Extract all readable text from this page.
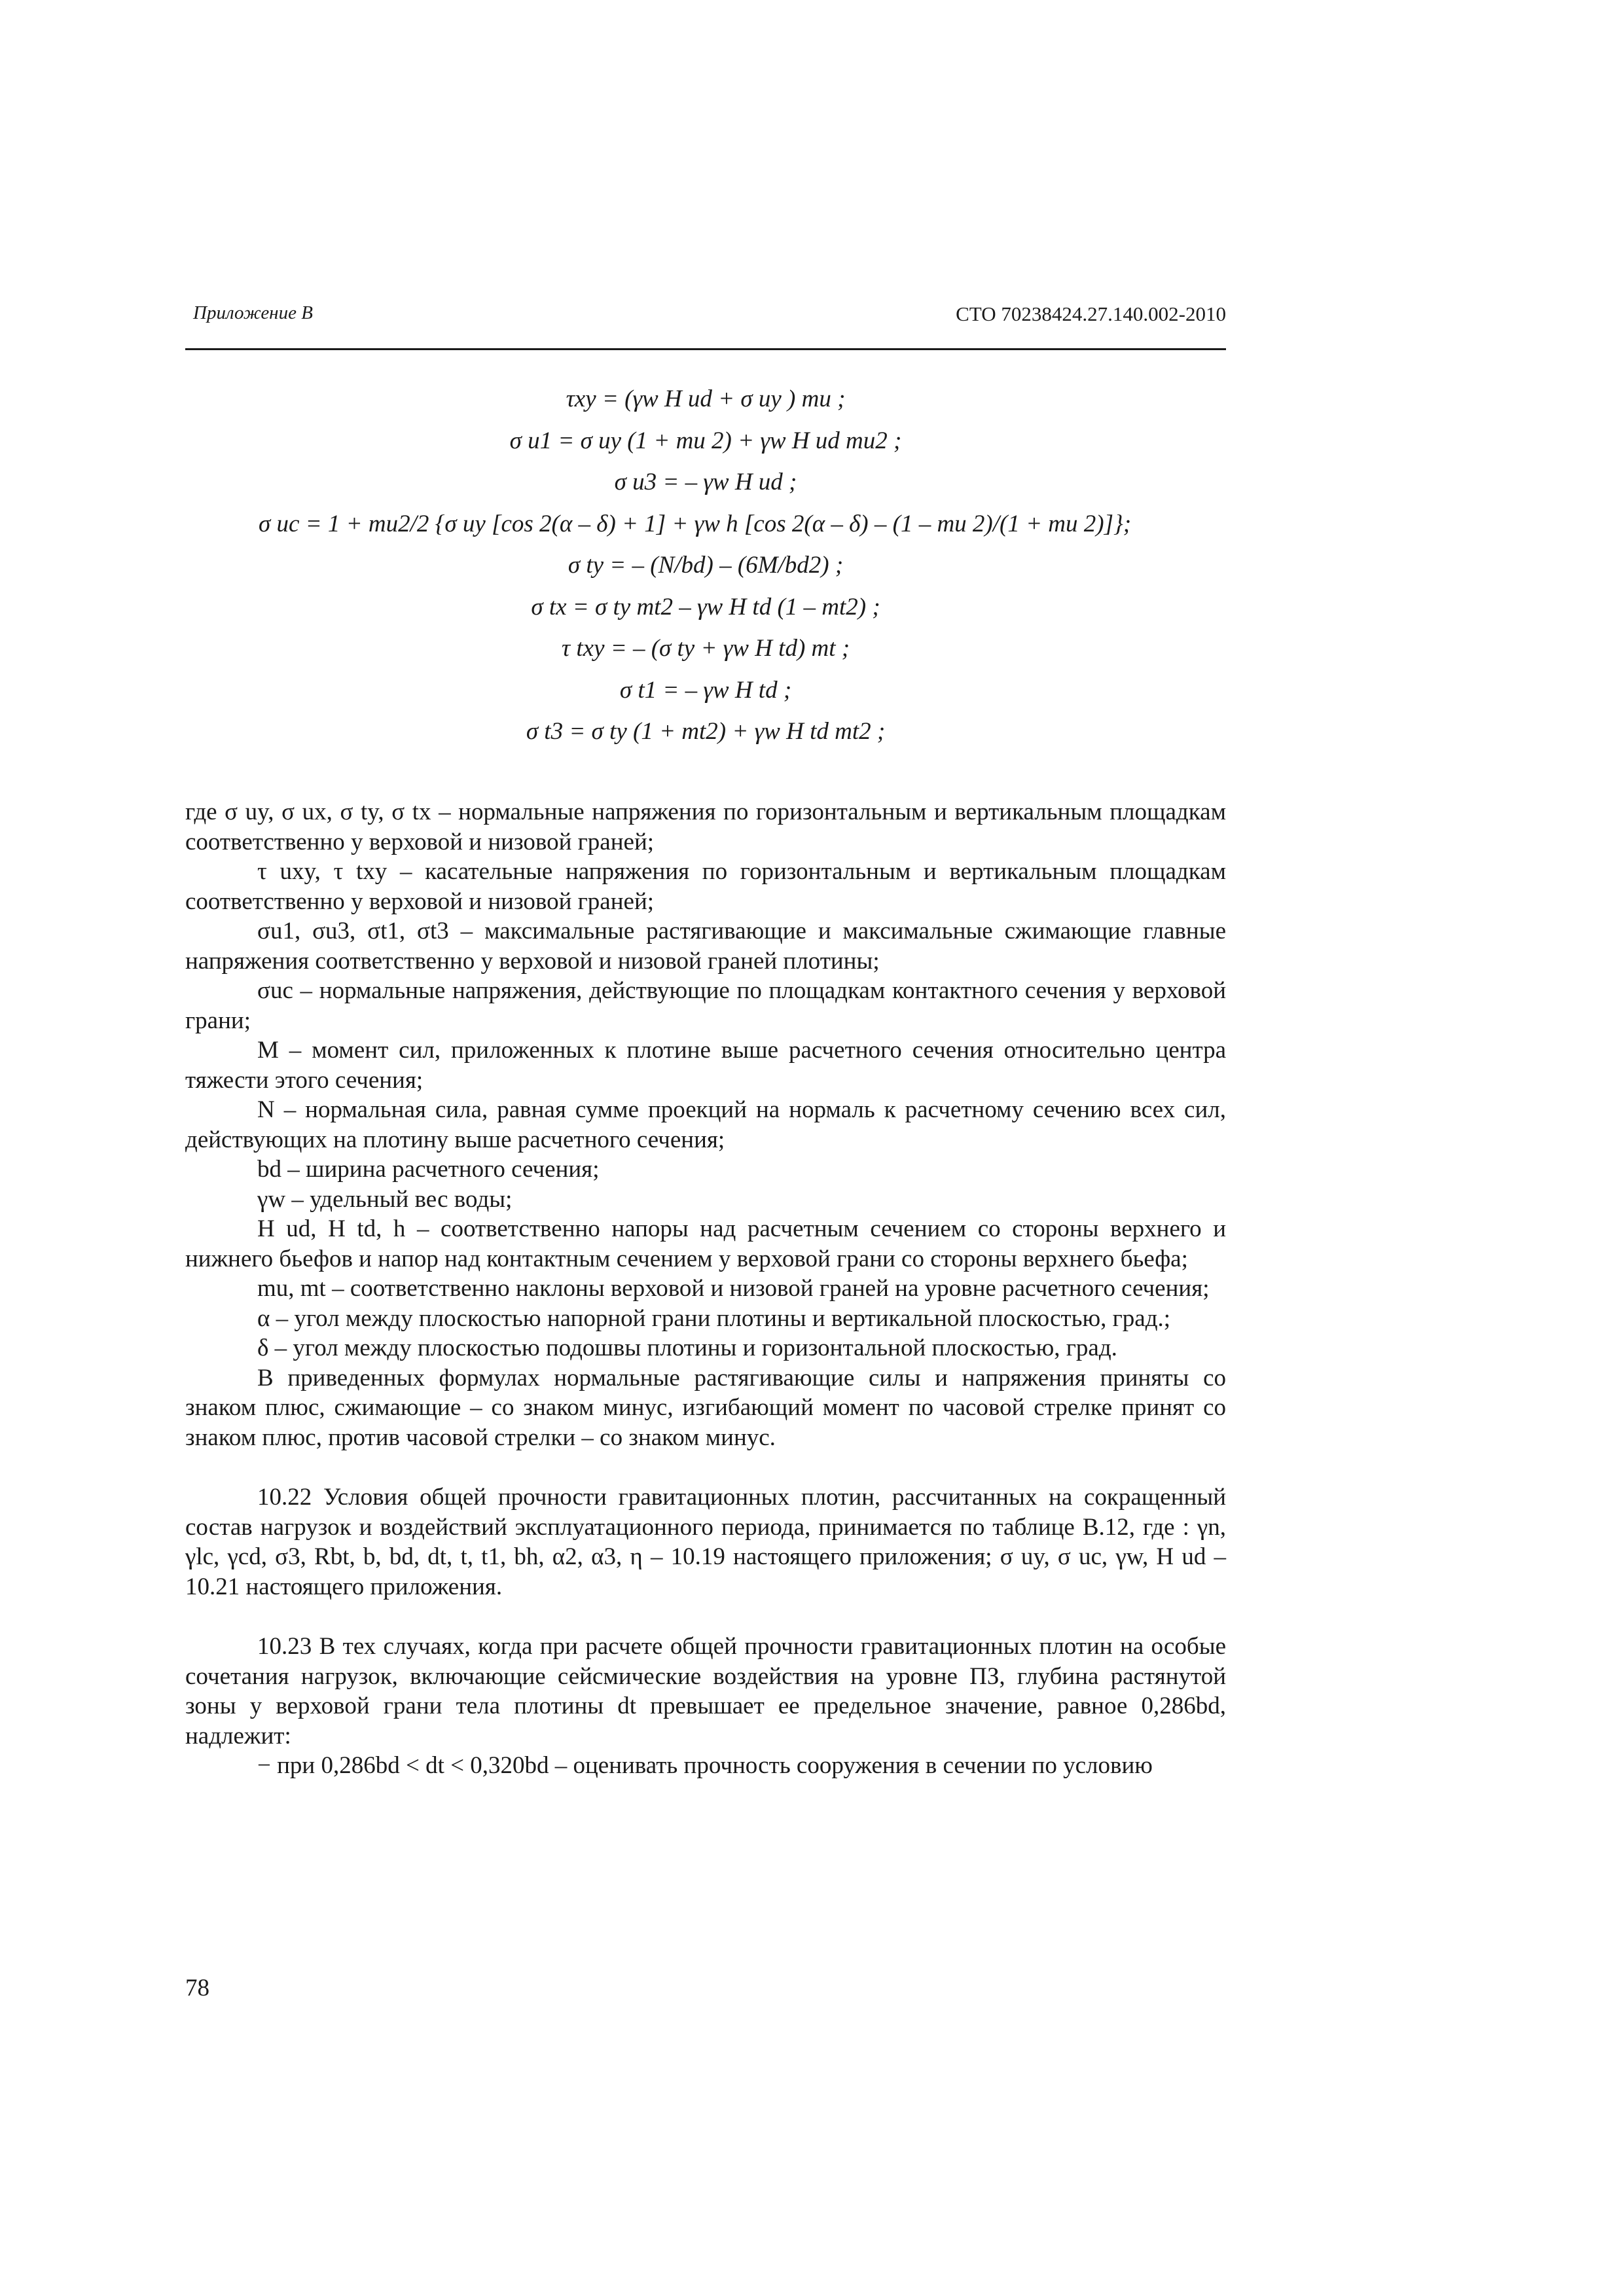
Приложение В	СТО 70238424.27.140.002-2010
τxy = (γw H ud + σ uy ) mu ;
σ u1 = σ uy (1 + mu 2) + γw H ud mu2 ;
σ u3 = – γw H ud ;
σ uc = 1 + mu2/2 {σ uy [cos 2(α – δ) + 1] + γw h [cos 2(α – δ) – (1 – mu 2)/(1 + mu 2)]};
σ ty = – (N/bd) – (6M/bd2) ;
σ tx = σ ty mt2 – γw H td (1 – mt2) ;
τ txy = – (σ ty + γw H td) mt ;
σ t1 = – γw H td ;
σ t3 = σ ty (1 + mt2) + γw H td mt2 ;

где σ uy, σ ux, σ ty, σ tx – нормальные напряжения по горизонтальным и вертикальным площадкам соответственно у верховой и низовой граней;

τ uxy, τ txy – касательные напряжения по горизонтальным и вертикальным площадкам соответственно у верховой и низовой граней;

σu1, σu3, σt1, σt3 – максимальные растягивающие и максимальные сжимающие главные напряжения соответственно у верховой и низовой граней плотины;

σuc – нормальные напряжения, действующие по площадкам контактного сечения у верховой грани;

M – момент сил, приложенных к плотине выше расчетного сечения относительно центра тяжести этого сечения;

N – нормальная сила, равная сумме проекций на нормаль к расчетному сечению всех сил, действующих на плотину выше расчетного сечения;

bd – ширина расчетного сечения;

γw – удельный вес воды;

H ud, H td, h – соответственно напоры над расчетным сечением со стороны верхнего и нижнего бьефов и напор над контактным сечением у верховой грани со стороны верхнего бьефа;

mu, mt – соответственно наклоны верховой и низовой граней на уровне расчетного сечения;

α – угол между плоскостью напорной грани плотины и вертикальной плоскостью, град.;

δ – угол между плоскостью подошвы плотины и горизонтальной плоскостью, град.

В приведенных формулах нормальные растягивающие силы и напряжения приняты со знаком плюс, сжимающие – со знаком минус, изгибающий момент по часовой стрелке принят со знаком плюс, против часовой стрелки – со знаком минус.

10.22 Условия общей прочности гравитационных плотин, рассчитанных на сокращенный состав нагрузок и воздействий эксплуатационного периода, принимается по таблице В.12, где : γn, γlc, γcd, σ3, Rbt, b, bd, dt, t, t1, bh, α2, α3, η – 10.19 настоящего приложения; σ uy, σ uc, γw, H ud – 10.21 настоящего приложения.

10.23 В тех случаях, когда при расчете общей прочности гравитационных плотин на особые сочетания нагрузок, включающие сейсмические воздействия на уровне ПЗ, глубина растянутой зоны у верховой грани тела плотины dt превышает ее предельное значение, равное 0,286bd, надлежит:

− при 0,286bd < dt < 0,320bd – оценивать прочность сооружения в сечении по условию

78
